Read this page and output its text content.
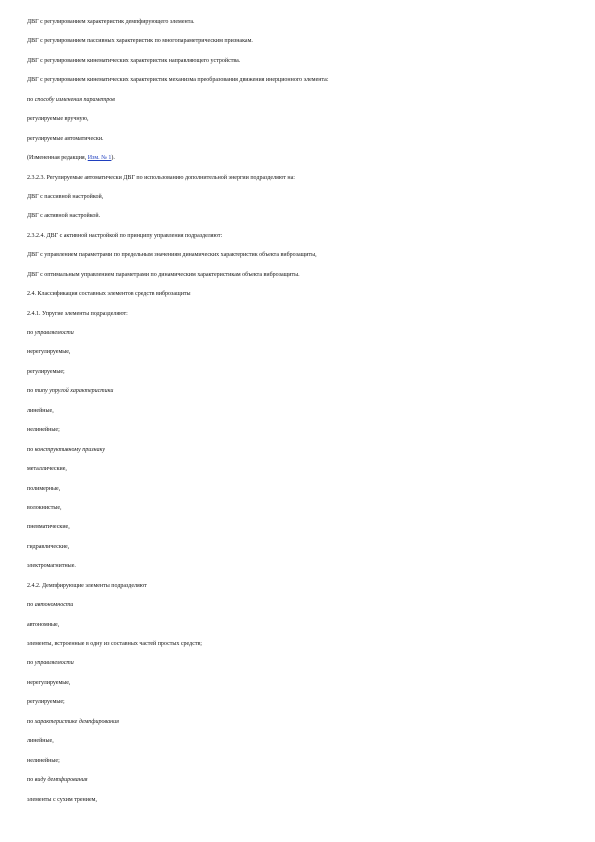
ДВГ с регулированием характеристик демпфирующего элемента.
ДВГ с регулированием пассивных характеристик по многопараметрическим признакам.
ДВГ с регулированием кинематических характеристик направляющего устройства.
ДВГ с регулированием кинематических характеристик механизма преобразования движения инерционного элемента:
по способу изменения параметров
регулируемые вручную,
регулируемые автоматически.
(Измененная редакция, Изм. № 1).
2.3.2.3. Регулируемые автоматически ДВГ по использованию дополнительной энергии подразделяют на:
ДВГ с пассивной настройкой,
ДВГ с активной настройкой.
2.3.2.4. ДВГ с активной настройкой по принципу управления подразделяют:
ДВГ с управлением параметрами по предельным значениям динамических характеристик объекта виброзащиты,
ДВГ с оптимальным управлением параметрами по динамическим характеристикам объекта виброзащиты.
2.4. Классификация составных элементов средств виброзащиты
2.4.1. Упругие элементы подразделяют:
по управляемости
нерегулируемые,
регулируемые;
по типу упругой характеристики
линейные,
нелинейные;
по конструктивному признаку
металлические,
полимерные,
волокнистые,
пневматические,
гидравлические,
электромагнитные.
2.4.2. Демпфирующие элементы подразделяют
по автономности
автономные,
элементы, встроенные в одну из составных частей простых средств;
по управляемости
нерегулируемые,
регулируемые;
по характеристике демпфирования
линейные,
нелинейные;
по виду демпфирования
элементы с сухим трением,
